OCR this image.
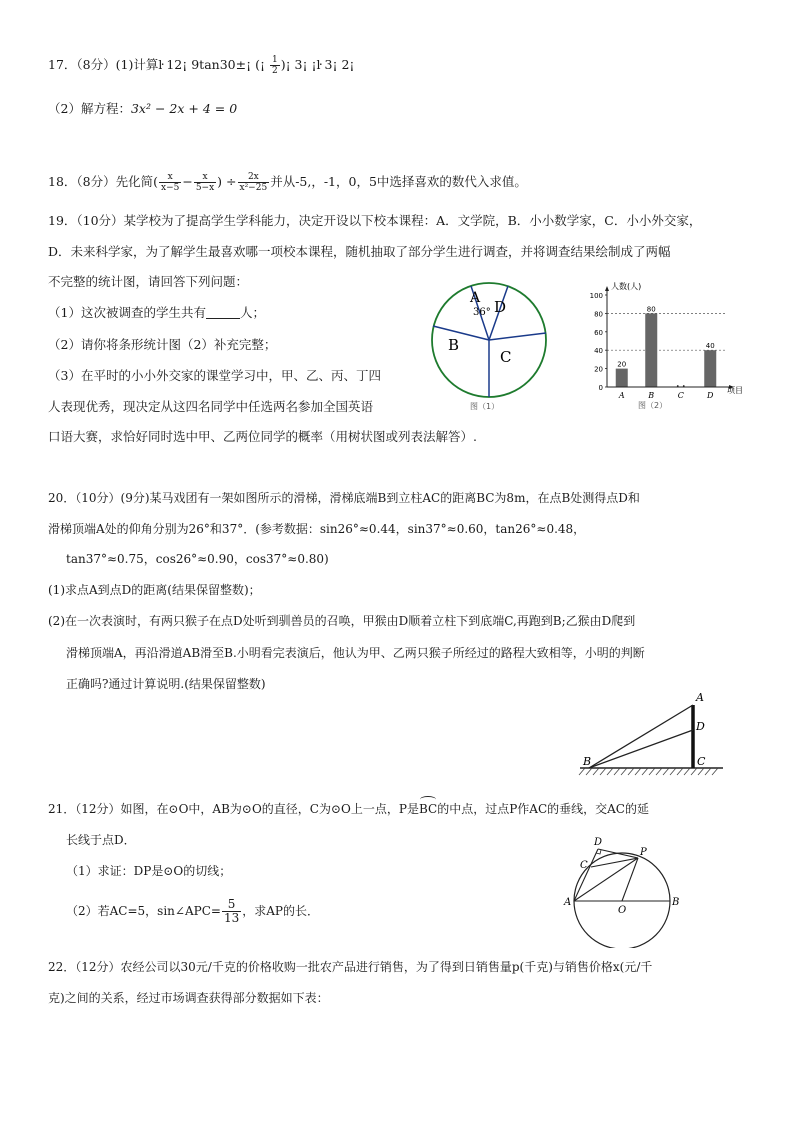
17．（8分）(1)计算ŀ 12¡ 9tan30±¡ (¡ $\frac{1}{2}$ )¡ 3¡ ¡ŀ 3¡ 2¡
（2）解方程：3x² − 2x + 4 = 0
18．（8分）先化简( $\frac{x}{x-5} - \frac{x}{5-x}$ ) ÷ $\frac{2x}{\text{x²−25}}$ 并从-5,，-1，0，5中选择喜欢的数代入求值。
19．（10分）某学校为了提高学生学科能力，决定开设以下校本课程：A．文学院，B．小小数学家，C．小小外交家，
D．未来科学家，为了解学生最喜欢哪一项校本课程，随机抽取了部分学生进行调查，并将调查结果绘制成了两幅
不完整的统计图，请回答下列问题：
（1）这次被调查的学生共有	人；
（2）请你将条形统计图（2）补充完整；
（3）在平时的小小外交家的课堂学习中，甲、乙、丙、丁四
人表现优秀，现决定从这四名同学中任选两名参加全国英语
口语大赛，求恰好同时选中甲、乙两位同学的概率（用树状图或列表法解答）.
A
36° D
B
C
图（1）
人数(人)
20
80
40
0
20
40
60
80
100
A	B	C	D
项目
图（2）
20．（10分）(9分)某马戏团有一架如图所示的滑梯，滑梯底端B到立柱AC的距离BC为8m，在点B处测得点D和
滑梯顶端A处的仰角分别为26°和37°．(参考数据：sin26°≈0.44，sin37°≈0.60，tan26°≈0.48，
tan37°≈0.75，cos26°≈0.90，cos37°≈0.80)
(1)求点A到点D的距离(结果保留整数)；
(2)在一次表演时，有两只猴子在点D处听到驯兽员的召唤，甲猴由D顺着立柱下到底端C,再跑到B;乙猴由D爬到
滑梯顶端A，再沿滑道AB滑至B.小明看完表演后，他认为甲、乙两只猴子所经过的路程大致相等，小明的判断
正确吗?通过计算说明.(结果保留整数)
A
D
B	C
21．（12分）如图，在⊙O中，AB为⊙O的直径，C为⊙O上一点，P是BC的中点，过点P作AC的垂线，交AC的延
长线于点D．
（1）求证：DP是⊙O的切线；
（2）若AC=5，sin∠APC= $\frac{5}{13}$ ，求AP的长．
D
P
C
A
O
B
22．（12分）农经公司以30元/千克的价格收购一批农产品进行销售，为了得到日销售量p(千克)与销售价格x(元/千
克)之间的关系，经过市场调查获得部分数据如下表：
